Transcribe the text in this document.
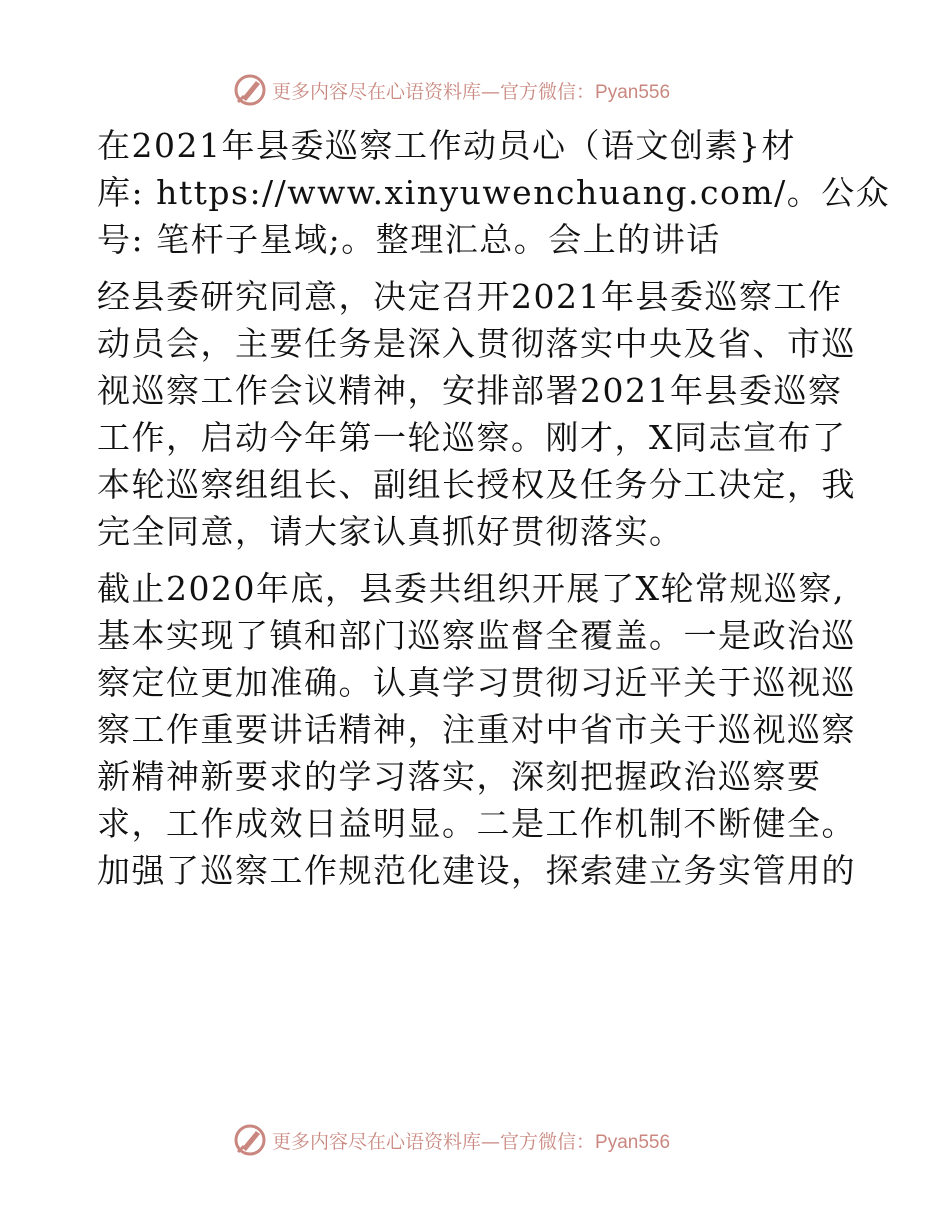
更多内容尽在心语资料库—官方微信：Pyan556
在2021年县委巡察工作动员心（语文创素}材
库: https://www.xinyuwenchuang.com/。公众
号: 笔杆子星域;。整理汇总。会上的讲话
经县委研究同意，决定召开2021年县委巡察工作
动员会，主要任务是深入贯彻落实中央及省、市巡
视巡察工作会议精神，安排部署2021年县委巡察
工作，启动今年第一轮巡察。刚才，X同志宣布了
本轮巡察组组长、副组长授权及任务分工决定，我
完全同意，请大家认真抓好贯彻落实。
截止2020年底，县委共组织开展了X轮常规巡察,
基本实现了镇和部门巡察监督全覆盖。一是政治巡
察定位更加准确。认真学习贯彻习近平关于巡视巡
察工作重要讲话精神，注重对中省市关于巡视巡察
新精神新要求的学习落实，深刻把握政治巡察要
求，工作成效日益明显。二是工作机制不断健全。
加强了巡察工作规范化建设，探索建立务实管用的
更多内容尽在心语资料库—官方微信：Pyan556
